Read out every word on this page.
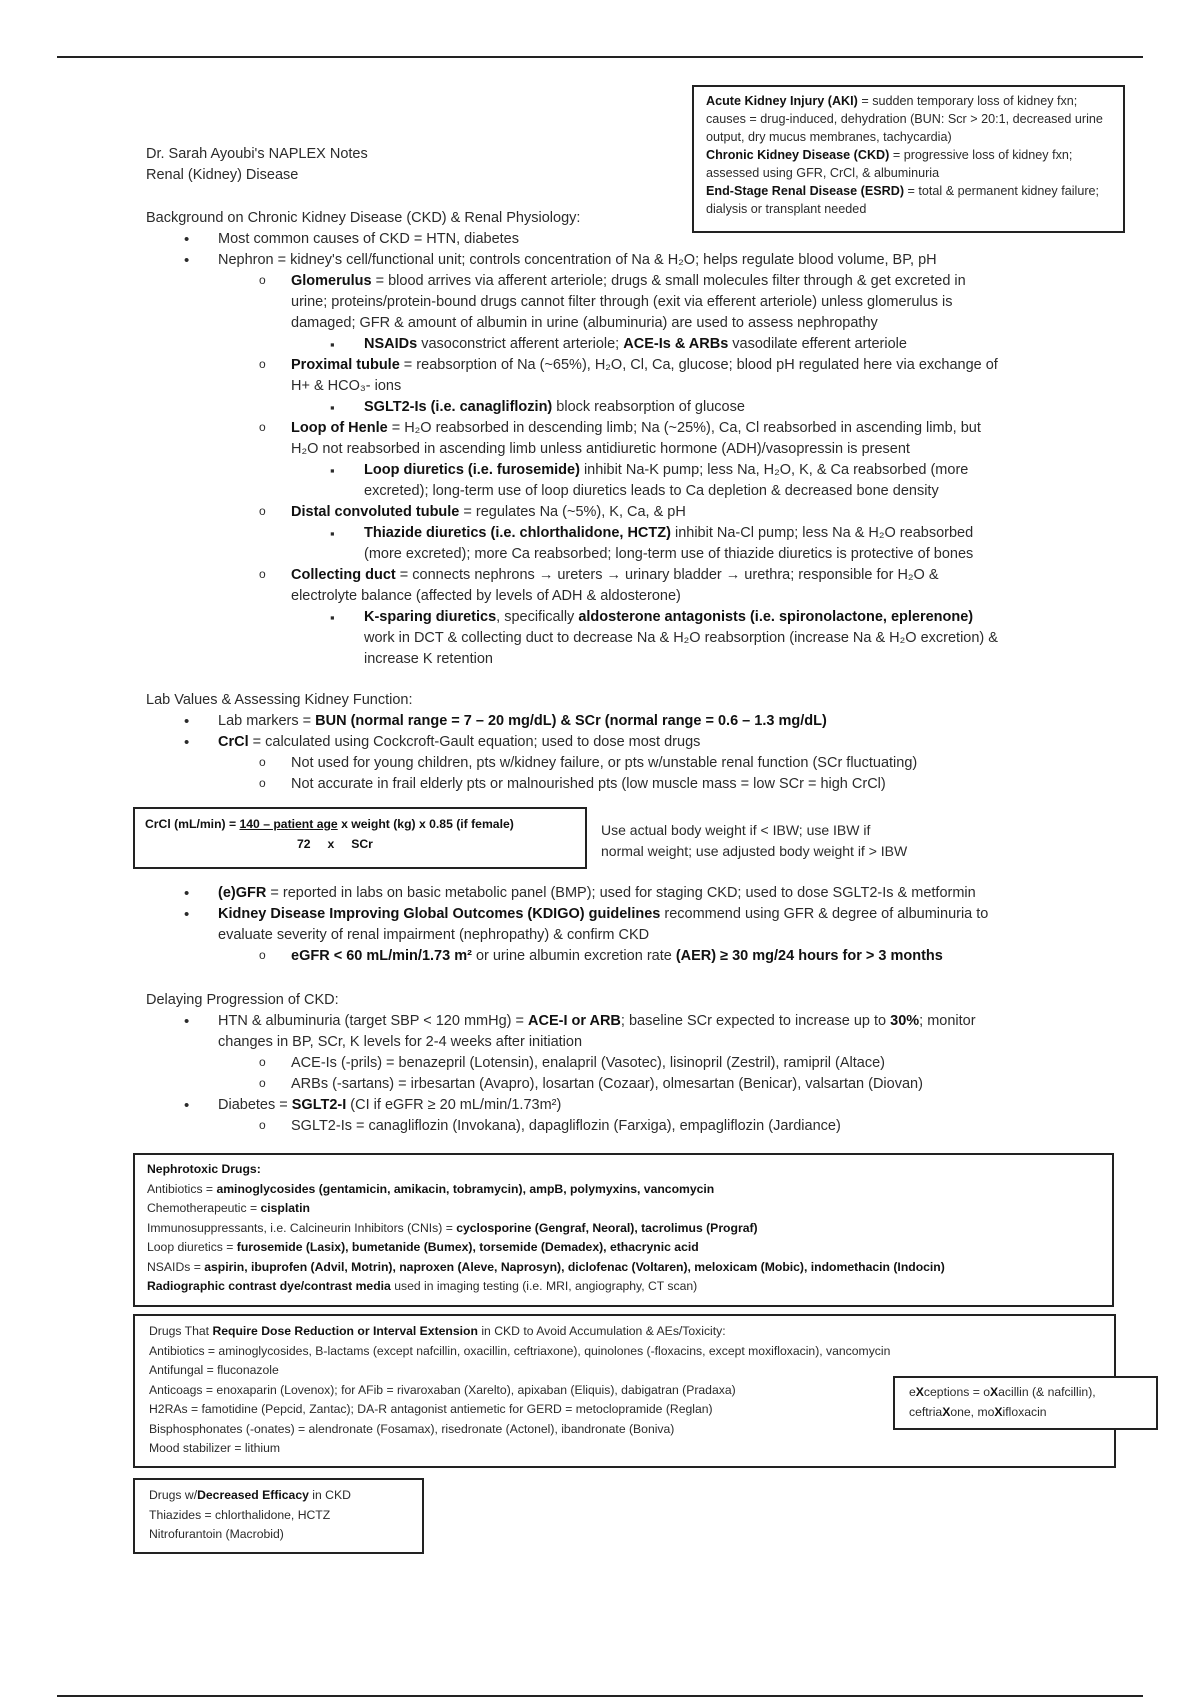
Dr. Sarah Ayoubi's NAPLEX Notes
Renal (Kidney) Disease
Acute Kidney Injury (AKI) = sudden temporary loss of kidney fxn; causes = drug-induced, dehydration (BUN: Scr > 20:1, decreased urine output, dry mucus membranes, tachycardia)
Chronic Kidney Disease (CKD) = progressive loss of kidney fxn; assessed using GFR, CrCl, & albuminuria
End-Stage Renal Disease (ESRD) = total & permanent kidney failure; dialysis or transplant needed
Background on Chronic Kidney Disease (CKD) & Renal Physiology:
• Most common causes of CKD = HTN, diabetes
• Nephron = kidney's cell/functional unit; controls concentration of Na & H₂O; helps regulate blood volume, BP, pH
o Glomerulus = blood arrives via afferent arteriole; drugs & small molecules filter through & get excreted in
urine; proteins/protein-bound drugs cannot filter through (exit via efferent arteriole) unless glomerulus is
damaged; GFR & amount of albumin in urine (albuminuria) are used to assess nephropathy
▪ NSAIDs vasoconstrict afferent arteriole; ACE-Is & ARBs vasodilate efferent arteriole
o Proximal tubule = reabsorption of Na (~65%), H₂O, Cl, Ca, glucose; blood pH regulated here via exchange of
H+ & HCO₃- ions
▪ SGLT2-Is (i.e. canagliflozin) block reabsorption of glucose
o Loop of Henle = H₂O reabsorbed in descending limb; Na (~25%), Ca, Cl reabsorbed in ascending limb, but
H₂O not reabsorbed in ascending limb unless antidiuretic hormone (ADH)/vasopressin is present
▪ Loop diuretics (i.e. furosemide) inhibit Na-K pump; less Na, H₂O, K, & Ca reabsorbed (more
excreted); long-term use of loop diuretics leads to Ca depletion & decreased bone density
o Distal convoluted tubule = regulates Na (~5%), K, Ca, & pH
▪ Thiazide diuretics (i.e. chlorthalidone, HCTZ) inhibit Na-Cl pump; less Na & H₂O reabsorbed
(more excreted); more Ca reabsorbed; long-term use of thiazide diuretics is protective of bones
o Collecting duct = connects nephrons → ureters → urinary bladder → urethra; responsible for H₂O &
electrolyte balance (affected by levels of ADH & aldosterone)
▪ K-sparing diuretics, specifically aldosterone antagonists (i.e. spironolactone, eplerenone)
work in DCT & collecting duct to decrease Na & H₂O reabsorption (increase Na & H₂O excretion) &
increase K retention
Lab Values & Assessing Kidney Function:
• Lab markers = BUN (normal range = 7 – 20 mg/dL) & SCr (normal range = 0.6 – 1.3 mg/dL)
• CrCl = calculated using Cockcroft-Gault equation; used to dose most drugs
o Not used for young children, pts w/kidney failure, or pts w/unstable renal function (SCr fluctuating)
o Not accurate in frail elderly pts or malnourished pts (low muscle mass = low SCr = high CrCl)
CrCl (mL/min) = 140 – patient age x weight (kg) x 0.85 (if female)
72     x     SCr
Use actual body weight if < IBW; use IBW if
normal weight; use adjusted body weight if > IBW
• (e)GFR = reported in labs on basic metabolic panel (BMP); used for staging CKD; used to dose SGLT2-Is & metformin
• Kidney Disease Improving Global Outcomes (KDIGO) guidelines recommend using GFR & degree of albuminuria to
evaluate severity of renal impairment (nephropathy) & confirm CKD
o eGFR < 60 mL/min/1.73 m² or urine albumin excretion rate (AER) ≥ 30 mg/24 hours for > 3 months
Delaying Progression of CKD:
• HTN & albuminuria (target SBP < 120 mmHg) = ACE-I or ARB; baseline SCr expected to increase up to 30%; monitor
changes in BP, SCr, K levels for 2-4 weeks after initiation
o ACE-Is (-prils) = benazepril (Lotensin), enalapril (Vasotec), lisinopril (Zestril), ramipril (Altace)
o ARBs (-sartans) = irbesartan (Avapro), losartan (Cozaar), olmesartan (Benicar), valsartan (Diovan)
• Diabetes = SGLT2-I (CI if eGFR ≥ 20 mL/min/1.73m²)
o SGLT2-Is = canagliflozin (Invokana), dapagliflozin (Farxiga), empagliflozin (Jardiance)
Nephrotoxic Drugs:
Antibiotics = aminoglycosides (gentamicin, amikacin, tobramycin), ampB, polymyxins, vancomycin
Chemotherapeutic = cisplatin
Immunosuppressants, i.e. Calcineurin Inhibitors (CNIs) = cyclosporine (Gengraf, Neoral), tacrolimus (Prograf)
Loop diuretics = furosemide (Lasix), bumetanide (Bumex), torsemide (Demadex), ethacrynic acid
NSAIDs = aspirin, ibuprofen (Advil, Motrin), naproxen (Aleve, Naprosyn), diclofenac (Voltaren), meloxicam (Mobic), indomethacin (Indocin)
Radiographic contrast dye/contrast media used in imaging testing (i.e. MRI, angiography, CT scan)
Drugs That Require Dose Reduction or Interval Extension in CKD to Avoid Accumulation & AEs/Toxicity:
Antibiotics = aminoglycosides, B-lactams (except nafcillin, oxacillin, ceftriaxone), quinolones (-floxacins, except moxifloxacin), vancomycin
Antifungal = fluconazole
Anticoags = enoxaparin (Lovenox); for AFib = rivaroxaban (Xarelto), apixaban (Eliquis), dabigatran (Pradaxa)
H2RAs = famotidine (Pepcid, Zantac); DA-R antagonist antiemetic for GERD = metoclopramide (Reglan)
Bisphosphonates (-onates) = alendronate (Fosamax), risedronate (Actonel), ibandronate (Boniva)
Mood stabilizer = lithium
eXceptions = oXacillin (& nafcillin),
ceftriaXone, moXifloxacin
Drugs w/Decreased Efficacy in CKD
Thiazides = chlorthalidone, HCTZ
Nitrofurantoin (Macrobid)
